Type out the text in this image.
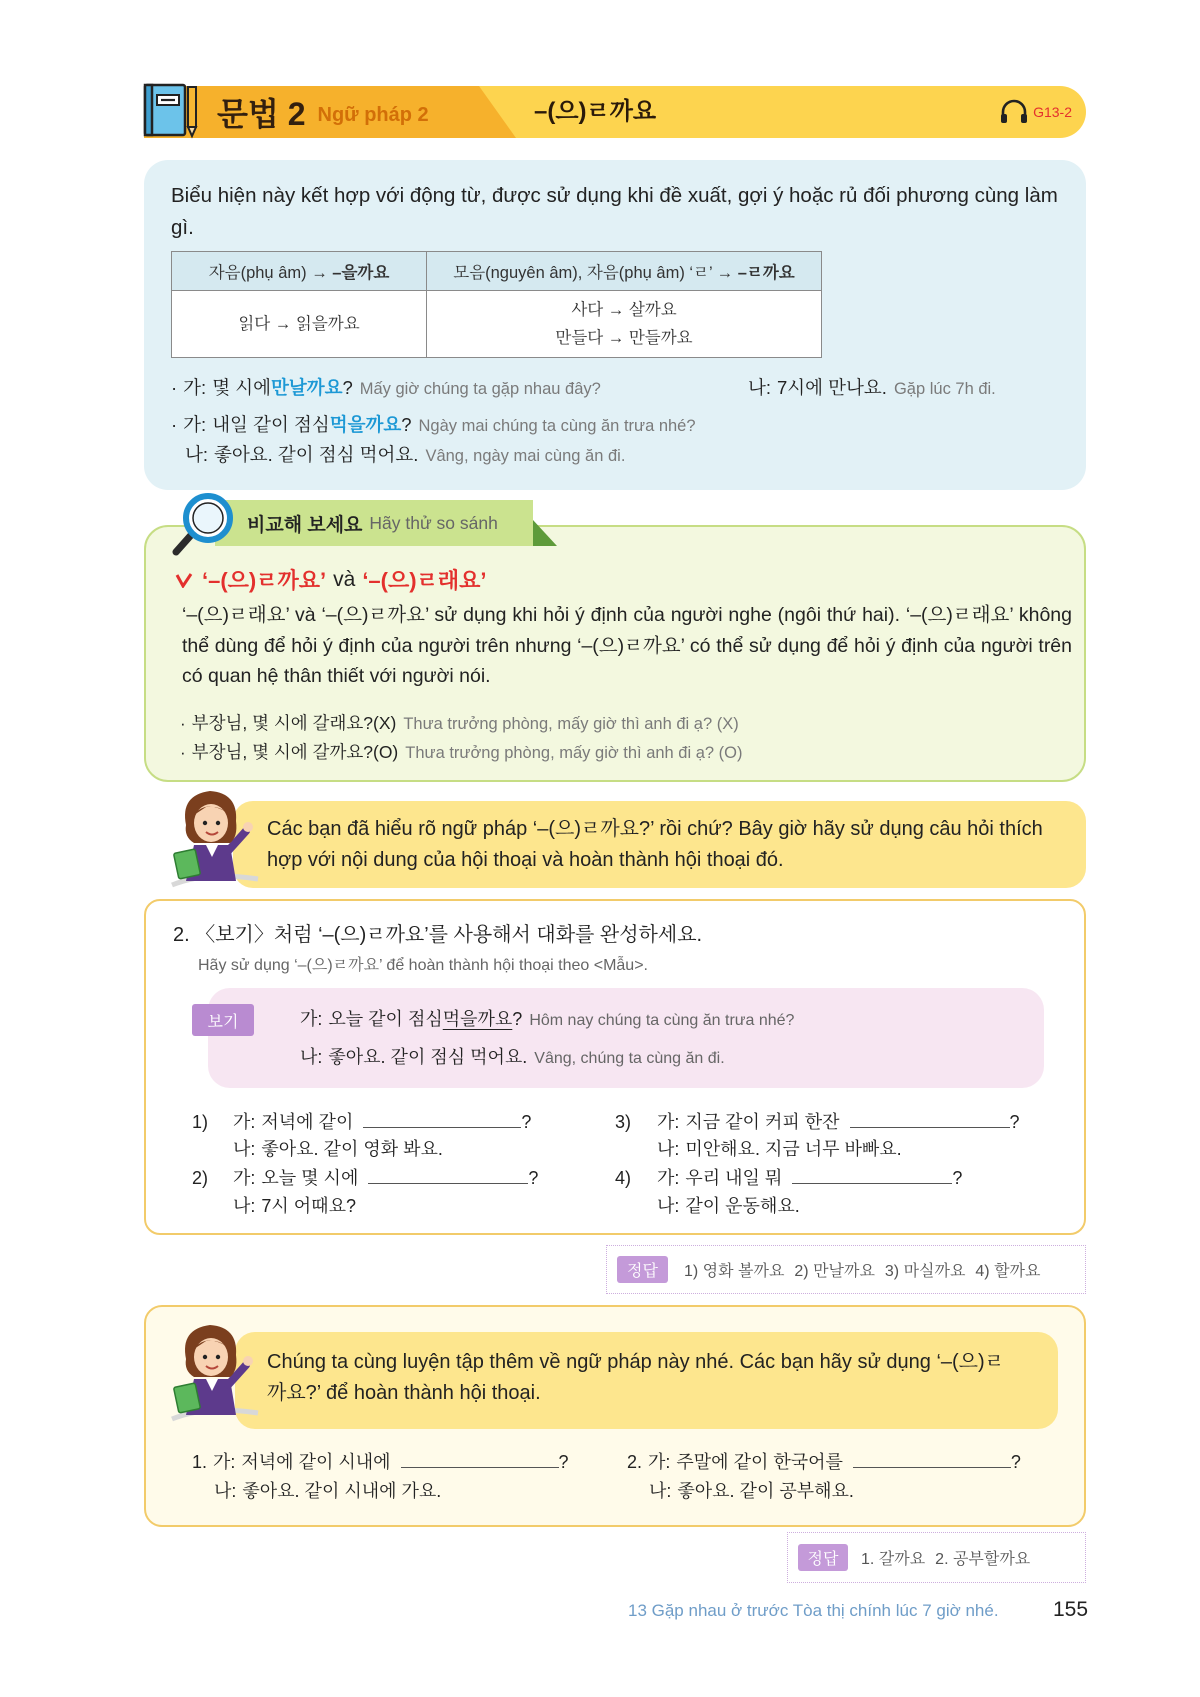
문법 2 Ngữ pháp 2	–(으)ㄹ까요	G13-2
Biểu hiện này kết hợp với động từ, được sử dụng khi đề xuất, gợi ý hoặc rủ đối phương cùng làm gì.
자음(phụ âm) → –을까요	모음(nguyên âm), 자음(phụ âm) ‘ㄹ’ → –ㄹ까요
읽다 → 읽을까요	사다 → 살까요
만들다 → 만들까요
· 가: 몇 시에 만날까요 ? Mấy giờ chúng ta gặp nhau đây?	나: 7시에 만나요. Gặp lúc 7h đi.
· 가: 내일 같이 점심 먹을까요 ? Ngày mai chúng ta cùng ăn trưa nhé?
나: 좋아요. 같이 점심 먹어요. Vâng, ngày mai cùng ăn đi.
‘–(으)ㄹ까요’ và ‘–(으)ㄹ래요’
‘–(으)ㄹ래요’ và ‘–(으)ㄹ까요’ sử dụng khi hỏi ý định của người nghe (ngôi thứ hai). ‘–(으)ㄹ래요’ không thể dùng để hỏi ý định của người trên nhưng ‘–(으)ㄹ까요’ có thể sử dụng để hỏi ý định của người trên có quan hệ thân thiết với người nói.
· 부장님, 몇 시에 갈래요?(X) Thưa trưởng phòng, mấy giờ thì anh đi ạ? (X)
· 부장님, 몇 시에 갈까요?(O) Thưa trưởng phòng, mấy giờ thì anh đi ạ? (O)
비교해 보세요 Hãy thử so sánh
Các bạn đã hiểu rõ ngữ pháp ‘–(으)ㄹ까요?’ rồi chứ? Bây giờ hãy sử dụng câu hỏi thích hợp với nội dung của hội thoại và hoàn thành hội thoại đó.
2. 〈보기〉처럼 ‘–(으)ㄹ까요’를 사용해서 대화를 완성하세요.
Hãy sử dụng ‘–(으)ㄹ까요’ để hoàn thành hội thoại theo <Mẫu>.
보기	가: 오늘 같이 점심 먹을까요 ? Hôm nay chúng ta cùng ăn trưa nhé?
나: 좋아요. 같이 점심 먹어요. Vâng, chúng ta cùng ăn đi.
1)	가: 저녁에 같이	?
나: 좋아요. 같이 영화 봐요.
2)	가: 오늘 몇 시에	?
나: 7시 어때요?
3)	가: 지금 같이 커피 한잔	?
나: 미안해요. 지금 너무 바빠요.
4)	가: 우리 내일 뭐	?
나: 같이 운동해요.
정답	1) 영화 볼까요 2) 만날까요 3) 마실까요 4) 할까요
Chúng ta cùng luyện tập thêm về ngữ pháp này nhé. Các bạn hãy sử dụng ‘–(으)ㄹ까요?’ để hoàn thành hội thoại.
1. 가: 저녁에 같이 시내에	?
나: 좋아요. 같이 시내에 가요.
2. 가: 주말에 같이 한국어를	?
나: 좋아요. 같이 공부해요.
정답	1. 갈까요 2. 공부할까요
13 Gặp nhau ở trước Tòa thị chính lúc 7 giờ nhé.	155
